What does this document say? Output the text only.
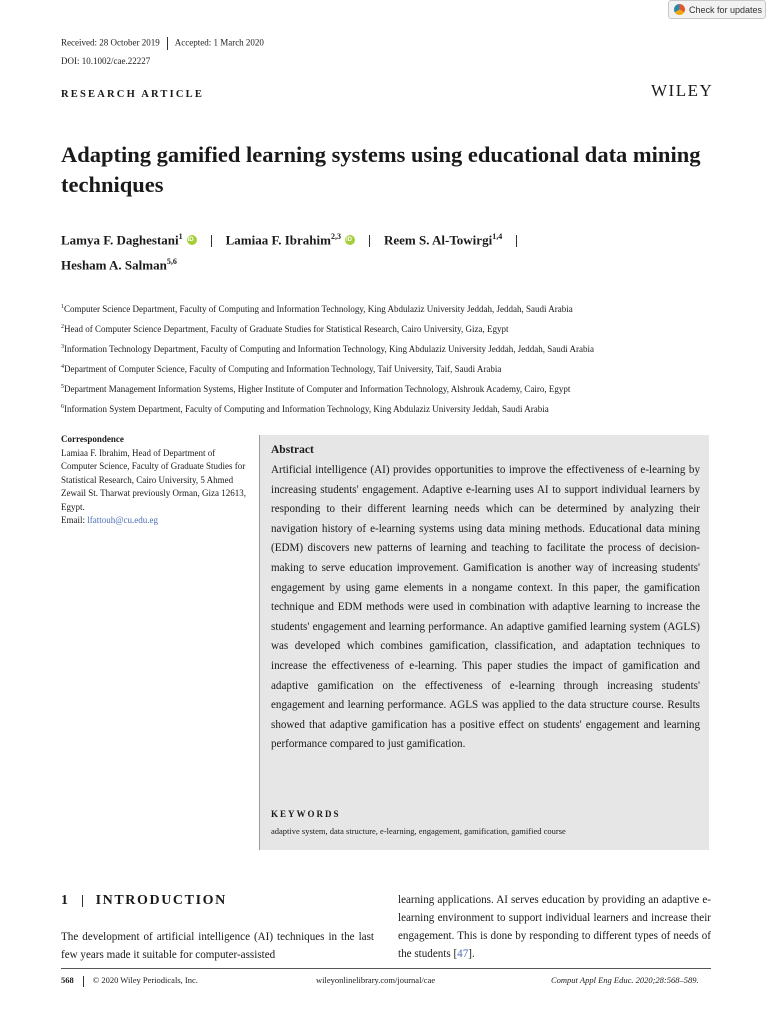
Check for updates
Received: 28 October 2019 Accepted: 1 March 2020
DOI: 10.1002/cae.22227
RESEARCH ARTICLE	WILEY
Adapting gamified learning systems using educational data mining techniques
Lamya F. Daghestani$^1$ iD	Lamiaa F. Ibrahim$^{2,3}$ iD	Reem S. Al-Towirgi$^{1,4}$
Hesham A. Salman$^{5,6}$
$^1$Computer Science Department, Faculty of Computing and Information Technology, King Abdulaziz University Jeddah, Jeddah, Saudi Arabia
$^2$Head of Computer Science Department, Faculty of Graduate Studies for Statistical Research, Cairo University, Giza, Egypt
$^3$Information Technology Department, Faculty of Computing and Information Technology, King Abdulaziz University Jeddah, Jeddah, Saudi Arabia
$^4$Department of Computer Science, Faculty of Computing and Information Technology, Taif University, Taif, Saudi Arabia
$^5$Department Management Information Systems, Higher Institute of Computer and Information Technology, Alshrouk Academy, Cairo, Egypt
$^6$Information System Department, Faculty of Computing and Information Technology, King Abdulaziz University Jeddah, Saudi Arabia
Correspondence
Lamiaa F. Ibrahim, Head of Department of Computer Science, Faculty of Graduate Studies for Statistical Research, Cairo University, 5 Ahmed Zewail St. Tharwat previously Orman, Giza 12613, Egypt.
Email: lfattouh@cu.edu.eg
Abstract
Artificial intelligence (AI) provides opportunities to improve the effectiveness of e-learning by increasing students' engagement. Adaptive e-learning uses AI to support individual learners by responding to their different learning needs which can be determined by analyzing their navigation history of e-learning systems using data mining methods. Educational data mining (EDM) discovers new patterns of learning and teaching to facilitate the process of decision-making to serve education improvement. Gamification is another way of increasing students' engagement by using game elements in a nongame context. In this paper, the gamification technique and EDM methods were used in combination with adaptive learning to increase the students' engagement and learning performance. An adaptive gamified learning system (AGLS) was developed which combines gamification, classification, and adaptation techniques to increase the effectiveness of e-learning. This paper studies the impact of gamification and adaptive gamification on the effectiveness of e-learning through increasing students' engagement and learning performance. AGLS was applied to the data structure course. Results showed that adaptive gamification has a positive effect on students' engagement and learning performance compared to just gamification.
KEYWORDS
adaptive system, data structure, e-learning, engagement, gamification, gamified course
1 INTRODUCTION
The development of artificial intelligence (AI) techniques in the last few years made it suitable for computer-assisted
learning applications. AI serves education by providing an adaptive e-learning environment to support individual learners and increase their engagement. This is done by responding to different types of needs of the students [47].
568 © 2020 Wiley Periodicals, Inc.	wileyonlinelibrary.com/journal/cae	Comput Appl Eng Educ. 2020;28:568–589.
